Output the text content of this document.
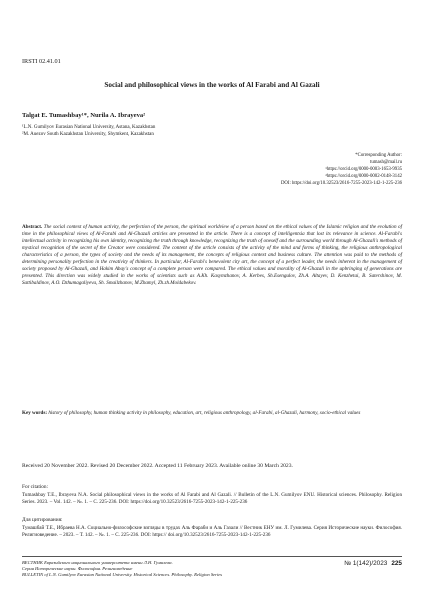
IRSTI 02.41.01
Social and philosophical views in the works of Al Farabi and Al Gazali
Talgat E. Tumashbay¹*, Nurila A. Ibrayeva²
¹L.N. Gumilyov Eurasian National University, Astana, Kazakhstan
²M. Auezov South Kazakhstan University, Shymkent, Kazakhstan
*Corresponding Author:
tumash@mail.ru
¹https://orcid.org/0000-0003-1653-9935
²https://orcid.org/0000-0002-0148-3142
DOI: https://doi.org/10.32523/2616-7255-2023-142-1-225-236
Abstract. The social context of human activity, the perfection of the person, the spiritual worldview of a person based on the ethical values of the Islamic religion and the evolution of time in the philosophical views of Al-Farabi and Al-Ghazali articles are presented in the article. There is a concept of intelligentsia that lost its relevance in science. Al-Farabi's intellectual activity in recognizing his own identity, recognizing the truth through knowledge, recognizing the truth of oneself and the surrounding world through Al-Ghazali's methods of mystical recognition of the secret of the Creator were considered. The content of the article consists of the activity of the mind and forms of thinking, the religious anthropological characteristics of a person, the types of society and the needs of its management, the concepts of religious context and business culture. The attention was paid to the methods of determining personality perfection in the creativity of thinkers. In particular, Al-Farabi's benevolent city art, the concept of a perfect leader, the needs inherent in the management of society proposed by Al-Ghazali, and Hakim Abay's concept of a complete person were compared. The ethical values and morality of Al-Ghazali in the upbringing of generations are presented. This direction was widely studied in the works of scientists such as A.Kh. Kasymzhanov, A. Kerbes, Sh.Esengulov, Zh.A. Altayev, D. Kenzhetai, B. Satershinov, M. Sattibaldinov, A.O. Dzhumagaliyeva, Sh. Smailzhanov, M.Zhamyl, Zh.zh.Moldabekov.
Key words: history of philosophy, human thinking activity in philosophy, education, art, religious anthropology, al-Farabi, al-Ghazali, harmony, socio-ethical values
Received 20 November 2022. Revised 20 December 2022. Accepted 11 February 2023. Available online 30 March 2023.
For citation:
Tumashbay T.E., Ibrayeva N.A. Social philosophical views in the works of Al Farabi and Al Gazali. // Bulletin of the L.N. Gumilyov ENU. Historical sciences. Philosophy. Religion Series. 2023. – Vol. 142. – №. 1. – С. 225-236. DOI: https://doi.org/10.32523/2616-7255-2023-142-1-225-236
Для цитирования:
Тумашбай Т.Е., Ибраева Н.А. Социально-философские взгляды в трудах Аль Фараби и Аль Газали // Вестник ЕНУ им. Л. Гумилева. Серия Исторические науки. Философия. Религиоведение. – 2023. – Т. 142. – №. 1. – С. 225-236. DOI: https:// doi.org/10.32523/2616-7255-2023-142-1-225-236
ВЕСТНИК Евразийского национального университета имени Л.Н. Гумилева.
Серия Исторические науки. Философия. Религиоведение
BULLETIN of L.N. Gumilyov Eurasian National University. Historical Sciences. Philosophy. Religion Series
№ 1(142)/2023 225
